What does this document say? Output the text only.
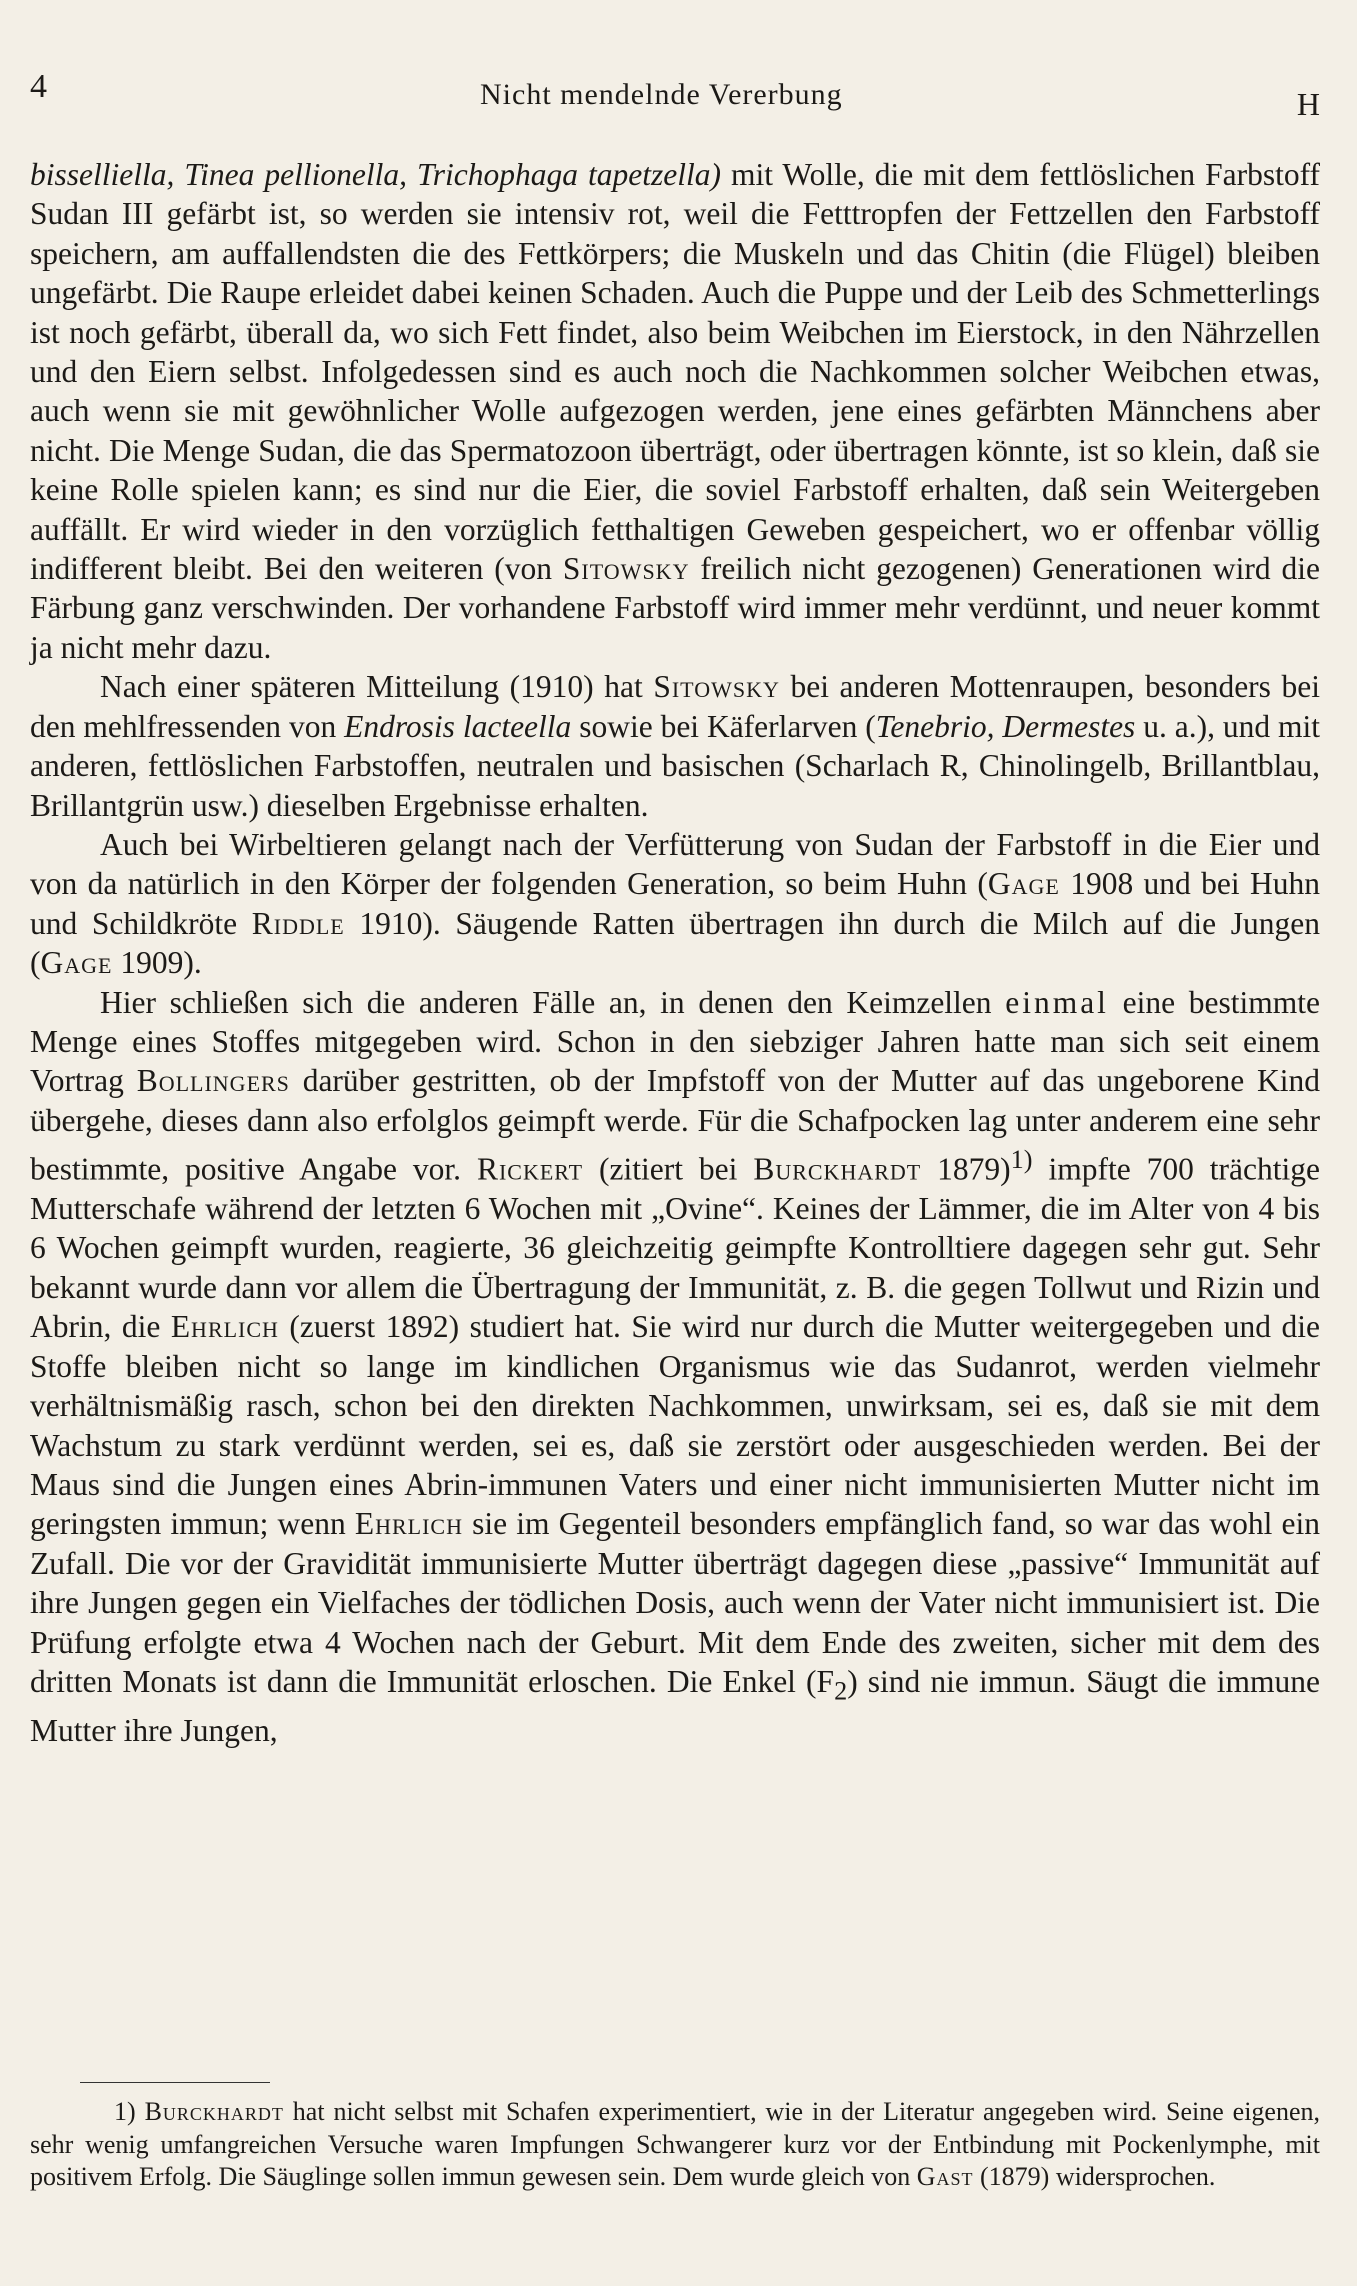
4	Nicht mendelnde Vererbung	H

bisselliella, Tinea pellionella, Trichophaga tapetzella) mit Wolle, die mit dem fettlöslichen Farbstoff Sudan III gefärbt ist, so werden sie intensiv rot, weil die Fetttropfen der Fettzellen den Farbstoff speichern, am auffallendsten die des Fettkörpers; die Muskeln und das Chitin (die Flügel) bleiben ungefärbt. Die Raupe erleidet dabei keinen Schaden. Auch die Puppe und der Leib des Schmetterlings ist noch gefärbt, überall da, wo sich Fett findet, also beim Weibchen im Eierstock, in den Nährzellen und den Eiern selbst. Infolgedessen sind es auch noch die Nachkommen solcher Weibchen etwas, auch wenn sie mit gewöhnlicher Wolle aufgezogen werden, jene eines gefärbten Männchens aber nicht. Die Menge Sudan, die das Spermatozoon überträgt, oder übertragen könnte, ist so klein, daß sie keine Rolle spielen kann; es sind nur die Eier, die soviel Farbstoff erhalten, daß sein Weitergeben auffällt. Er wird wieder in den vorzüglich fetthaltigen Geweben gespeichert, wo er offenbar völlig indifferent bleibt. Bei den weiteren (von Sitowsky freilich nicht gezogenen) Generationen wird die Färbung ganz verschwinden. Der vorhandene Farbstoff wird immer mehr verdünnt, und neuer kommt ja nicht mehr dazu.

Nach einer späteren Mitteilung (1910) hat Sitowsky bei anderen Mottenraupen, besonders bei den mehlfressenden von Endrosis lacteella sowie bei Käferlarven (Tenebrio, Dermestes u. a.), und mit anderen, fettlöslichen Farbstoffen, neutralen und basischen (Scharlach R, Chinolingelb, Brillantblau, Brillantgrün usw.) dieselben Ergebnisse erhalten.

Auch bei Wirbeltieren gelangt nach der Verfütterung von Sudan der Farbstoff in die Eier und von da natürlich in den Körper der folgenden Generation, so beim Huhn (Gage 1908 und bei Huhn und Schildkröte Riddle 1910). Säugende Ratten übertragen ihn durch die Milch auf die Jungen (Gage 1909).

Hier schließen sich die anderen Fälle an, in denen den Keimzellen einmal eine bestimmte Menge eines Stoffes mitgegeben wird. Schon in den siebziger Jahren hatte man sich seit einem Vortrag Bollingers darüber gestritten, ob der Impfstoff von der Mutter auf das ungeborene Kind übergehe, dieses dann also erfolglos geimpft werde. Für die Schafpocken lag unter anderem eine sehr bestimmte, positive Angabe vor. Rickert (zitiert bei Burckhardt 1879)$^{1)}$ impfte 700 trächtige Mutterschafe während der letzten 6 Wochen mit „Ovine“. Keines der Lämmer, die im Alter von 4 bis 6 Wochen geimpft wurden, reagierte, 36 gleichzeitig geimpfte Kontrolltiere dagegen sehr gut. Sehr bekannt wurde dann vor allem die Übertragung der Immunität, z. B. die gegen Tollwut und Rizin und Abrin, die Ehrlich (zuerst 1892) studiert hat. Sie wird nur durch die Mutter weitergegeben und die Stoffe bleiben nicht so lange im kindlichen Organismus wie das Sudanrot, werden vielmehr verhältnismäßig rasch, schon bei den direkten Nachkommen, unwirksam, sei es, daß sie mit dem Wachstum zu stark verdünnt werden, sei es, daß sie zerstört oder ausgeschieden werden. Bei der Maus sind die Jungen eines Abrin-immunen Vaters und einer nicht immunisierten Mutter nicht im geringsten immun; wenn Ehrlich sie im Gegenteil besonders empfänglich fand, so war das wohl ein Zufall. Die vor der Gravidität immunisierte Mutter überträgt dagegen diese „passive“ Immunität auf ihre Jungen gegen ein Vielfaches der tödlichen Dosis, auch wenn der Vater nicht immunisiert ist. Die Prüfung erfolgte etwa 4 Wochen nach der Geburt. Mit dem Ende des zweiten, sicher mit dem des dritten Monats ist dann die Immunität erloschen. Die Enkel $(F_2)$ sind nie immun. Säugt die immune Mutter ihre Jungen,

1) Burckhardt hat nicht selbst mit Schafen experimentiert, wie in der Literatur angegeben wird. Seine eigenen, sehr wenig umfangreichen Versuche waren Impfungen Schwangerer kurz vor der Entbindung mit Pockenlymphe, mit positivem Erfolg. Die Säuglinge sollen immun gewesen sein. Dem wurde gleich von Gast (1879) widersprochen.
